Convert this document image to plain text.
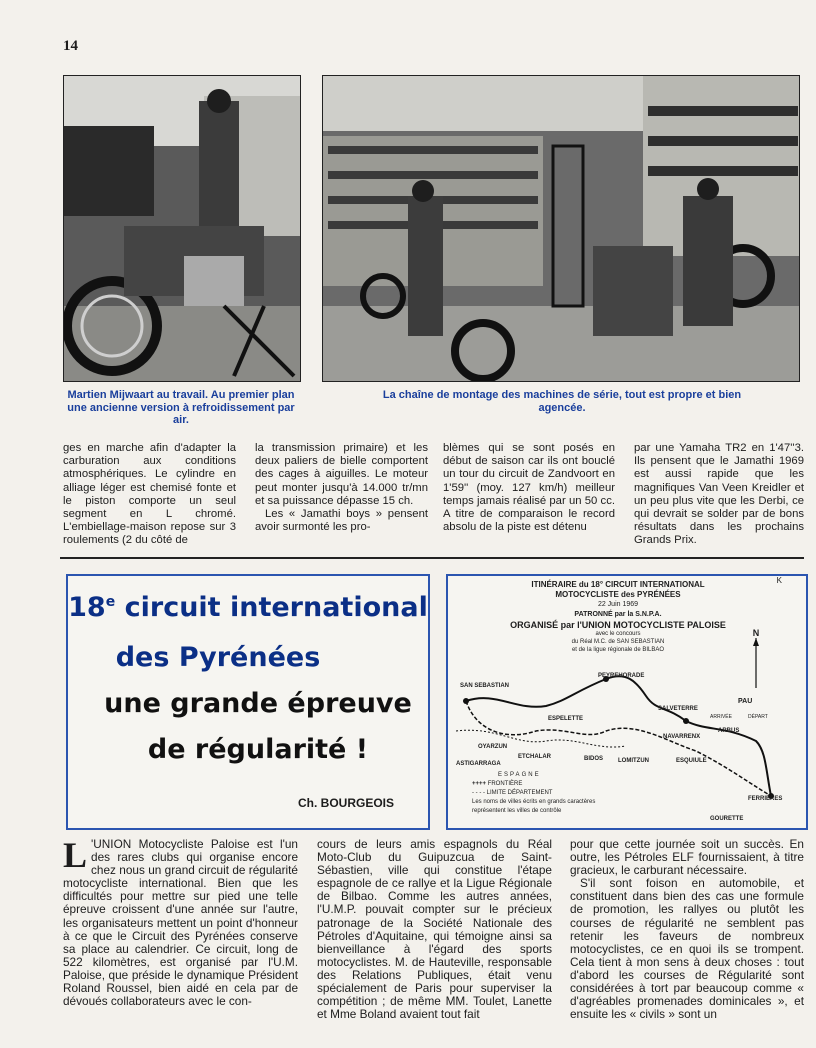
14
Martien Mijwaart au travail. Au premier plan une ancienne version à refroidissement par air.
La chaîne de montage des machines de série, tout est propre et bien agencée.

ges en marche afin d'adapter la carburation aux conditions atmosphériques. Le cylindre en alliage léger est chemisé fonte et le piston comporte un seul segment en L chromé. L'embiellage-maison repose sur 3 roulements (2 du côté de

la transmission primaire) et les deux paliers de bielle comportent des cages à aiguilles. Le moteur peut monter jusqu'à 14.000 tr/mn et sa puissance dépasse 15 ch.

Les « Jamathi boys » pensent avoir surmonté les pro-

blèmes qui se sont posés en début de saison car ils ont bouclé un tour du circuit de Zandvoort en 1'59'' (moy. 127 km/h) meilleur temps jamais réalisé par un 50 cc. A titre de comparaison le record absolu de la piste est détenu

par une Yamaha TR2 en 1'47''3. Ils pensent que le Jamathi 1969 est aussi rapide que les magnifiques Van Veen Kreidler et un peu plus vite que les Derbi, ce qui devrait se solder par de bons résultats dans les prochains Grands Prix.

18e circuit international
des Pyrénées
une grande épreuve
de régularité !
Ch. BOURGEOIS
K
ITINÉRAIRE du 18° CIRCUIT INTERNATIONAL
MOTOCYCLISTE des PYRÉNÉES
22 Juin 1969
PATRONNÉ par la S.N.P.A.
ORGANISÉ par l'UNION MOTOCYCLISTE PALOISE
avec le concours
du Réal M.C. de SAN SEBASTIAN
et de la ligue régionale de BILBAO
N
SAN SEBASTIAN
PEYREHORADE
SALVETERRE
NAVARRENX
PAU
DÉPART
ARRIVÉE
ARBUS
ESPELETTE
BIDOS LOMITZUN	ESQUIULE
OYARZUN
ETCHALAR
ASTIGARRAGA
ESPAGNE
FERRIERES
GOURETTE
++++ FRONTIÈRE
- - - - LIMITE DÉPARTEMENT
Les noms de villes écrits en grands caractères
représentent les villes de contrôle
L 'UNION Motocycliste Paloise est l'un des rares clubs qui organise encore chez nous un grand circuit de régularité motocycliste international. Bien que les difficultés pour mettre sur pied une telle épreuve croissent d'une année sur l'autre, les organisateurs mettent un point d'honneur à ce que le Circuit des Pyrénées conserve sa place au calendrier. Ce circuit, long de 522 kilomètres, est organisé par l'U.M. Paloise, que préside le dynamique Président Roland Roussel, bien aidé en cela par de dévoués collaborateurs avec le con-

cours de leurs amis espagnols du Réal Moto-Club du Guipuzcua de Saint-Sébastien, ville qui constitue l'étape espagnole de ce rallye et la Ligue Régionale de Bilbao. Comme les autres années, l'U.M.P. pouvait compter sur le précieux patronage de la Société Nationale des Pétroles d'Aquitaine, qui témoigne ainsi sa bienveillance à l'égard des sports motocyclistes. M. de Hauteville, responsable des Relations Publiques, était venu spécialement de Paris pour superviser la compétition ; de même MM. Toulet, Lanette et Mme Boland avaient tout fait

pour que cette journée soit un succès. En outre, les Pétroles ELF fournissaient, à titre gracieux, le carburant nécessaire.

S'il sont foison en automobile, et constituent dans bien des cas une formule de promotion, les rallyes ou plutôt les courses de régularité ne semblent pas retenir les faveurs de nombreux motocyclistes, ce en quoi ils se trompent. Cela tient à mon sens à deux choses : tout d'abord les courses de Régularité sont considérées à tort par beaucoup comme « d'agréables promenades dominicales », et ensuite les « civils » sont un
